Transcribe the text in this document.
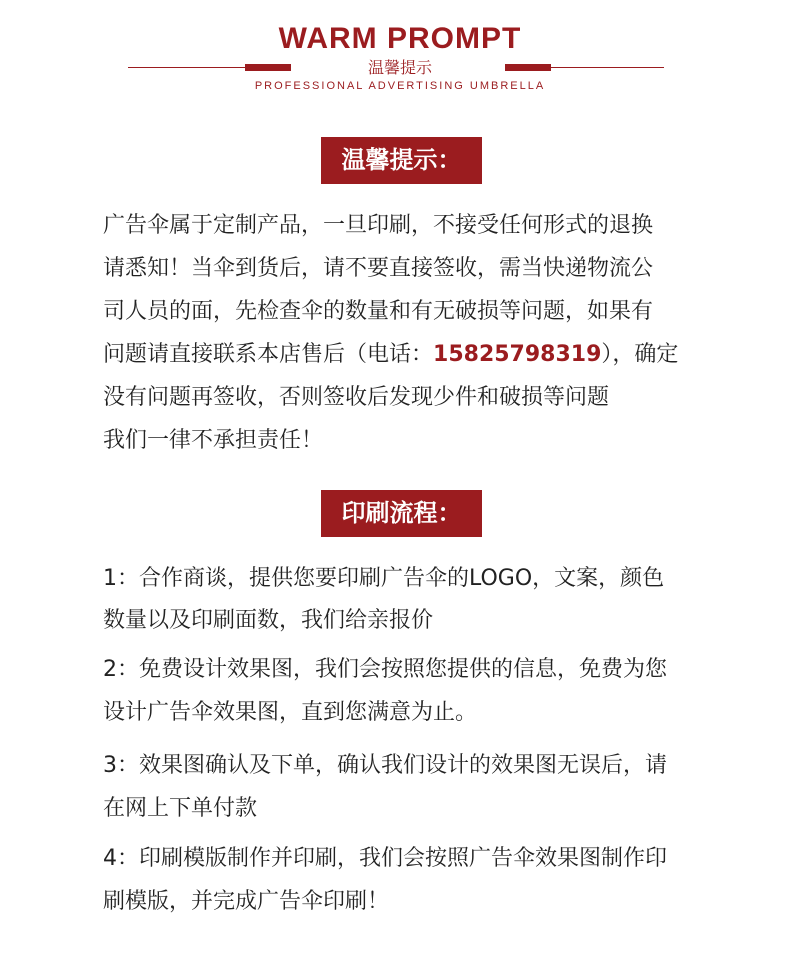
WARM PROMPT
温馨提示
PROFESSIONAL ADVERTISING UMBRELLA
温馨提示：
广告伞属于定制产品，一旦印刷，不接受任何形式的退换
请悉知！当伞到货后，请不要直接签收，需当快递物流公
司人员的面，先检查伞的数量和有无破损等问题，如果有
问题请直接联系本店售后（电话：15825798319），确定
没有问题再签收，否则签收后发现少件和破损等问题
我们一律不承担责任！
印刷流程：
1：合作商谈，提供您要印刷广告伞的LOGO，文案，颜色
数量以及印刷面数，我们给亲报价
2：免费设计效果图，我们会按照您提供的信息，免费为您
设计广告伞效果图，直到您满意为止。
3：效果图确认及下单，确认我们设计的效果图无误后，请
在网上下单付款
4：印刷模版制作并印刷，我们会按照广告伞效果图制作印
刷模版，并完成广告伞印刷！
